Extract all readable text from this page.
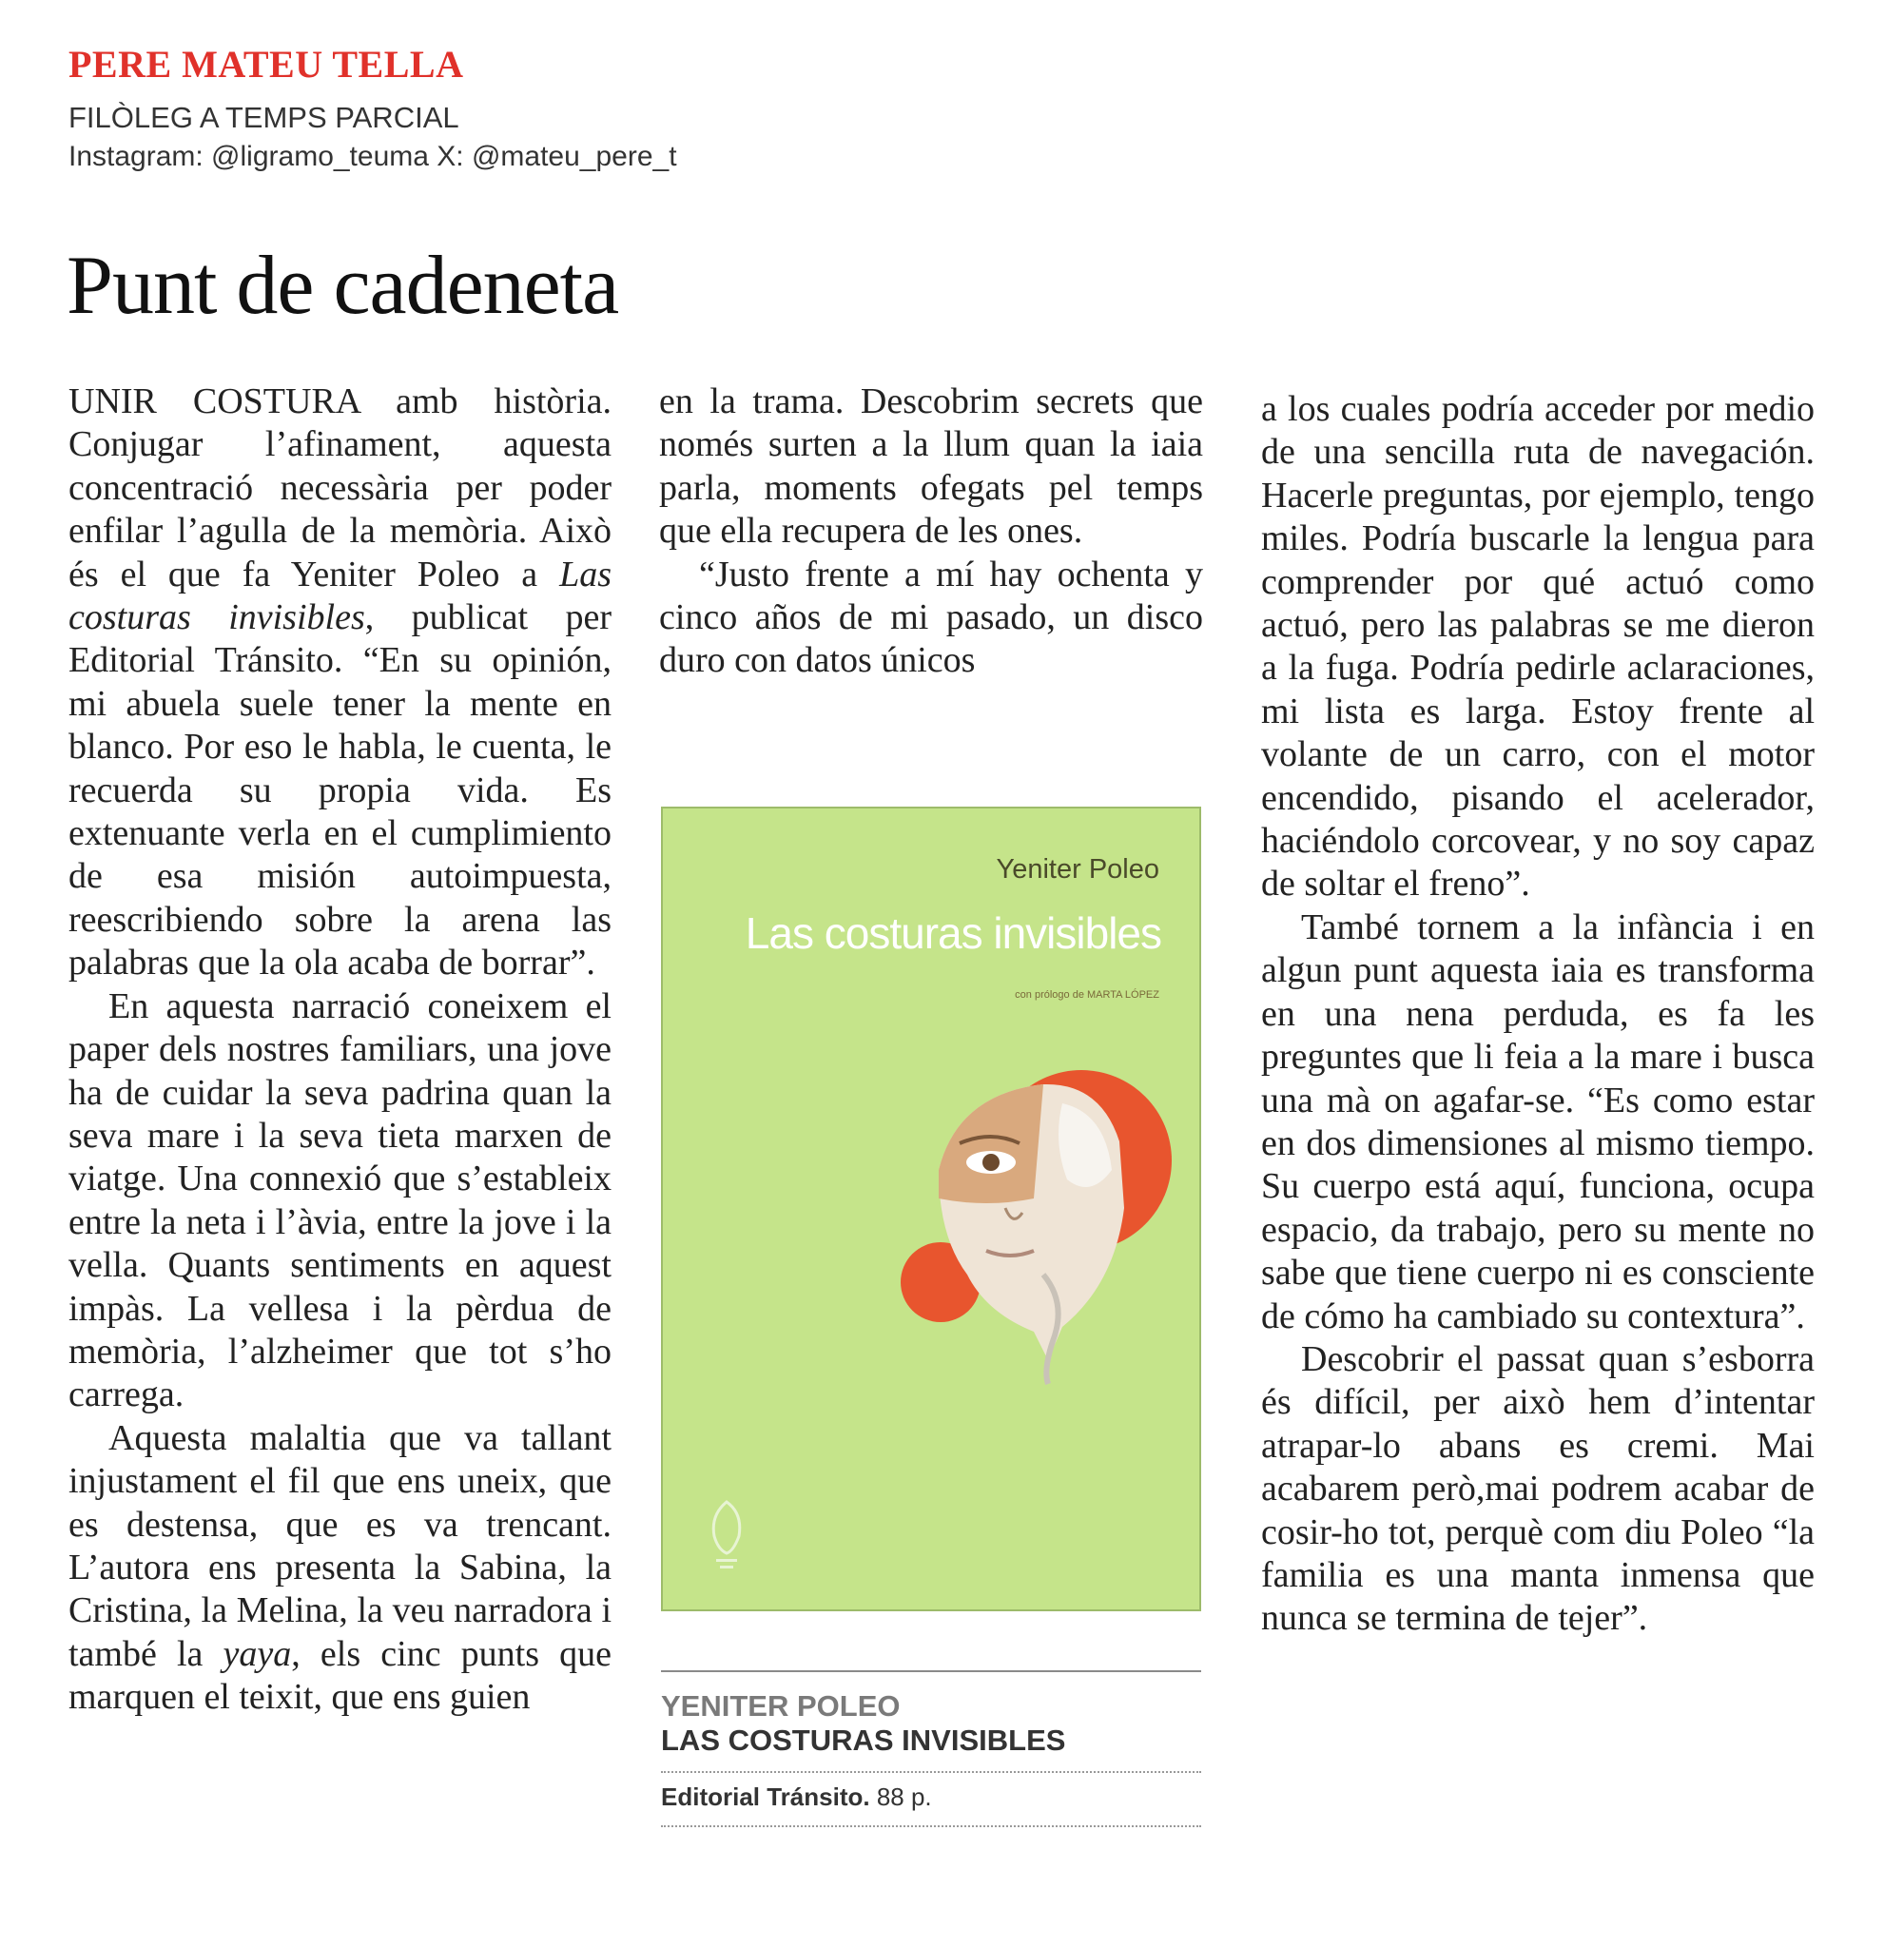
PERE MATEU TELLA

FILÒLEG A TEMPS PARCIAL

Instagram: @ligramo_teuma X: @mateu_pere_t

Punt de cadeneta

UNIR COSTURA amb història. Conjugar l’afinament, aquesta concentració necessària per poder enfilar l’agulla de la memòria. Això és el que fa Yeniter Poleo a Las costuras invisibles, publicat per Editorial Tránsito. “En su opinión, mi abuela suele tener la mente en blanco. Por eso le habla, le cuenta, le recuerda su propia vida. Es extenuante verla en el cumplimiento de esa misión autoimpuesta, reescribiendo sobre la arena las palabras que la ola acaba de borrar”.

En aquesta narració coneixem el paper dels nostres familiars, una jove ha de cuidar la seva padrina quan la seva mare i la seva tieta marxen de viatge. Una connexió que s’estableix entre la neta i l’àvia, entre la jove i la vella. Quants sentiments en aquest impàs. La vellesa i la pèrdua de memòria, l’alzheimer que tot s’ho carrega.

Aquesta malaltia que va tallant injustament el fil que ens uneix, que es destensa, que es va trencant. L’autora ens presenta la Sabina, la Cristina, la Melina, la veu narradora i també la yaya, els cinc punts que marquen el teixit, que ens guien

en la trama. Descobrim secrets que només surten a la llum quan la iaia parla, moments ofegats pel temps que ella recupera de les ones.

“Justo frente a mí hay ochenta y cinco años de mi pasado, un disco duro con datos únicos

Yeniter Poleo

Las costuras invisibles

con prólogo de MARTA LÓPEZ

YENITER POLEO

LAS COSTURAS INVISIBLES

Editorial Tránsito. 88 p.

a los cuales podría acceder por medio de una sencilla ruta de navegación. Hacerle preguntas, por ejemplo, tengo miles. Podría buscarle la lengua para comprender por qué actuó como actuó, pero las palabras se me dieron a la fuga. Podría pedirle aclaraciones, mi lista es larga. Estoy frente al volante de un carro, con el motor encendido, pisando el acelerador, haciéndolo corcovear, y no soy capaz de soltar el freno”.

També tornem a la infància i en algun punt aquesta iaia es transforma en una nena perduda, es fa les preguntes que li feia a la mare i busca una mà on agafar-se. “Es como estar en dos dimensiones al mismo tiempo. Su cuerpo está aquí, funciona, ocupa espacio, da trabajo, pero su mente no sabe que tiene cuerpo ni es consciente de cómo ha cambiado su contextura”.

Descobrir el passat quan s’esborra és difícil, per això hem d’intentar atrapar-lo abans es cremi. Mai acabarem però,mai podrem acabar de cosir-ho tot, perquè com diu Poleo “la familia es una manta inmensa que nunca se termina de tejer”.
